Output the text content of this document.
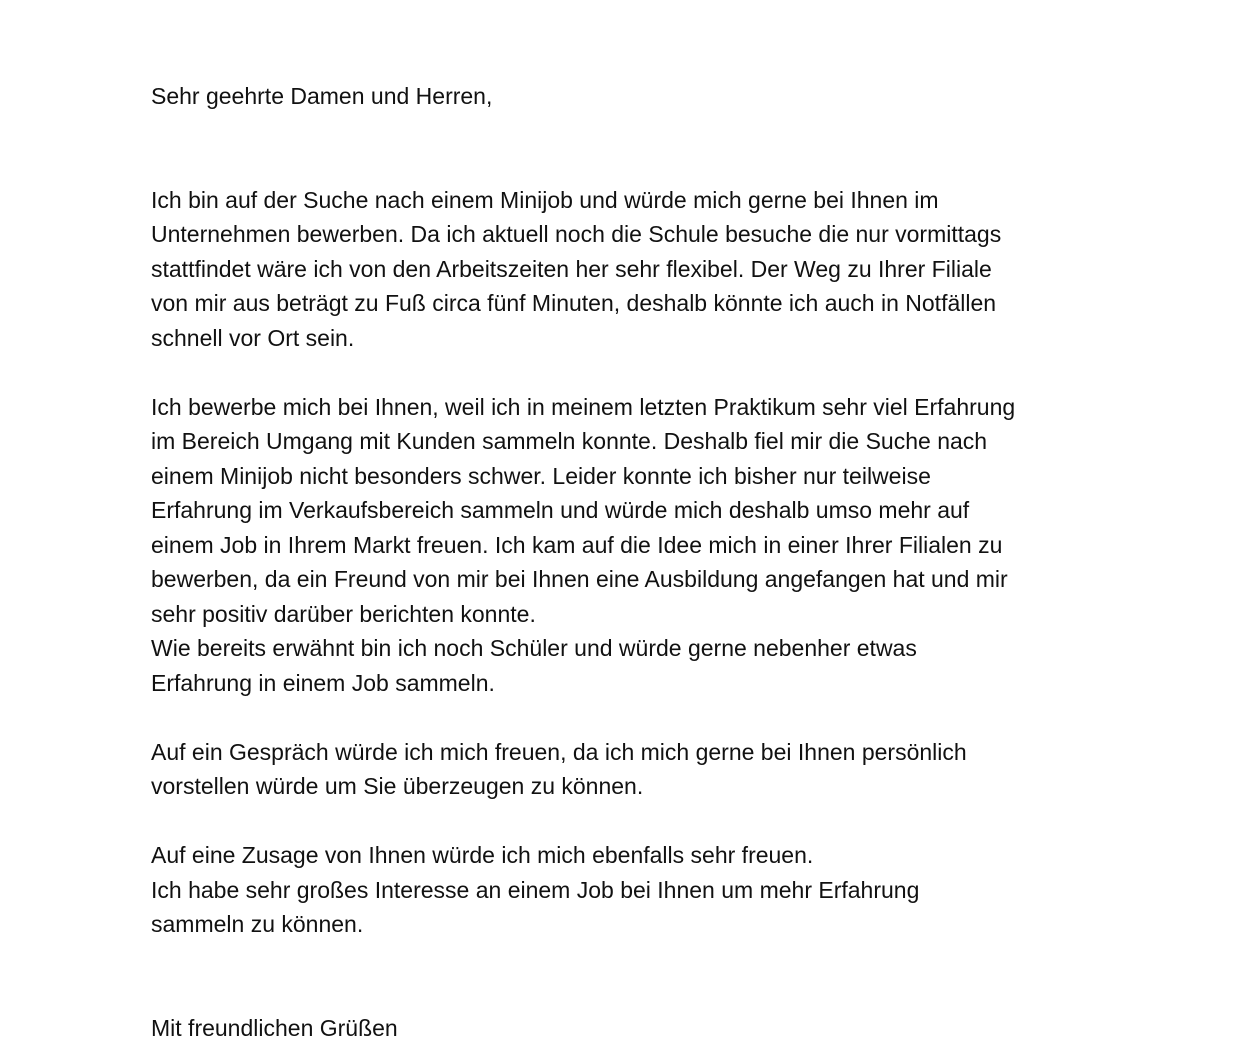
Sehr geehrte Damen und Herren,
Ich bin auf der Suche nach einem Minijob und würde mich gerne bei Ihnen im
Unternehmen bewerben. Da ich aktuell noch die Schule besuche die nur vormittags
stattfindet wäre ich von den Arbeitszeiten her sehr flexibel. Der Weg zu Ihrer Filiale
von mir aus beträgt zu Fuß circa fünf Minuten, deshalb könnte ich auch in Notfällen
schnell vor Ort sein.
Ich bewerbe mich bei Ihnen, weil ich in meinem letzten Praktikum sehr viel Erfahrung
im Bereich Umgang mit Kunden sammeln konnte. Deshalb fiel mir die Suche nach
einem Minijob nicht besonders schwer. Leider konnte ich bisher nur teilweise
Erfahrung im Verkaufsbereich sammeln und würde mich deshalb umso mehr auf
einem Job in Ihrem Markt freuen. Ich kam auf die Idee mich in einer Ihrer Filialen zu
bewerben, da ein Freund von mir bei Ihnen eine Ausbildung angefangen hat und mir
sehr positiv darüber berichten konnte.
Wie bereits erwähnt bin ich noch Schüler und würde gerne nebenher etwas
Erfahrung in einem Job sammeln.
Auf ein Gespräch würde ich mich freuen, da ich mich gerne bei Ihnen persönlich
vorstellen würde um Sie überzeugen zu können.
Auf eine Zusage von Ihnen würde ich mich ebenfalls sehr freuen.
Ich habe sehr großes Interesse an einem Job bei Ihnen um mehr Erfahrung
sammeln zu können.
Mit freundlichen Grüßen
